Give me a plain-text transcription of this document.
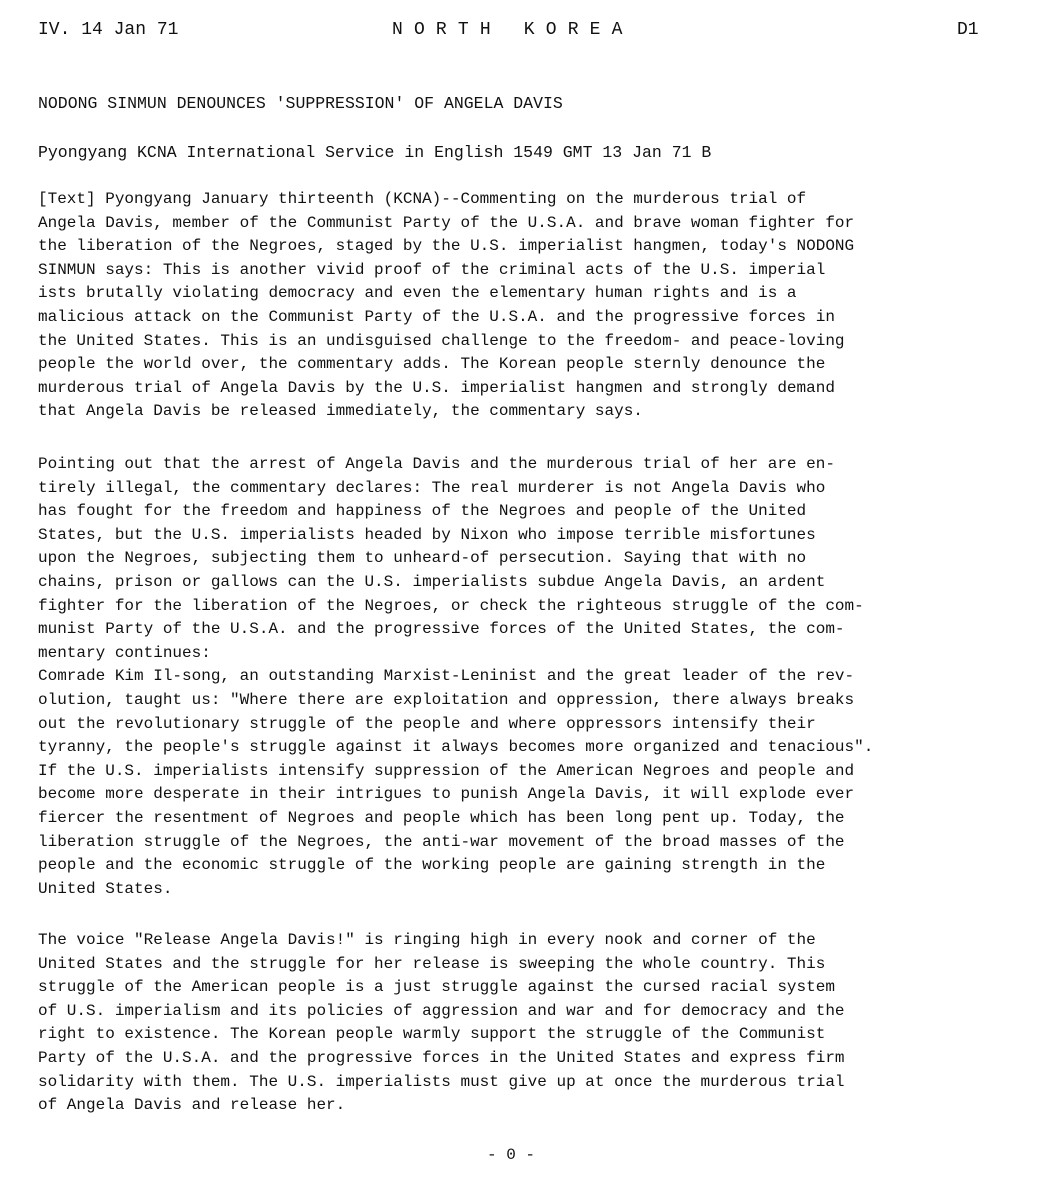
IV. 14 Jan 71	NORTH KOREA	D1
NODONG SINMUN DENOUNCES 'SUPPRESSION' OF ANGELA DAVIS
Pyongyang KCNA International Service in English 1549 GMT 13 Jan 71 B
[Text] Pyongyang January thirteenth (KCNA)--Commenting on the murderous trial of
Angela Davis, member of the Communist Party of the U.S.A. and brave woman fighter for
the liberation of the Negroes, staged by the U.S. imperialist hangmen, today's NODONG
SINMUN says: This is another vivid proof of the criminal acts of the U.S. imperial
ists brutally violating democracy and even the elementary human rights and is a
malicious attack on the Communist Party of the U.S.A. and the progressive forces in
the United States. This is an undisguised challenge to the freedom- and peace-loving
people the world over, the commentary adds. The Korean people sternly denounce the
murderous trial of Angela Davis by the U.S. imperialist hangmen and strongly demand
that Angela Davis be released immediately, the commentary says.
Pointing out that the arrest of Angela Davis and the murderous trial of her are en-
tirely illegal, the commentary declares: The real murderer is not Angela Davis who
has fought for the freedom and happiness of the Negroes and people of the United
States, but the U.S. imperialists headed by Nixon who impose terrible misfortunes
upon the Negroes, subjecting them to unheard-of persecution. Saying that with no
chains, prison or gallows can the U.S. imperialists subdue Angela Davis, an ardent
fighter for the liberation of the Negroes, or check the righteous struggle of the com-
munist Party of the U.S.A. and the progressive forces of the United States, the com-
mentary continues:
Comrade Kim Il-song, an outstanding Marxist-Leninist and the great leader of the rev-
olution, taught us: "Where there are exploitation and oppression, there always breaks
out the revolutionary struggle of the people and where oppressors intensify their
tyranny, the people's struggle against it always becomes more organized and tenacious".
If the U.S. imperialists intensify suppression of the American Negroes and people and
become more desperate in their intrigues to punish Angela Davis, it will explode ever
fiercer the resentment of Negroes and people which has been long pent up. Today, the
liberation struggle of the Negroes, the anti-war movement of the broad masses of the
people and the economic struggle of the working people are gaining strength in the
United States.
The voice "Release Angela Davis!" is ringing high in every nook and corner of the
United States and the struggle for her release is sweeping the whole country. This
struggle of the American people is a just struggle against the cursed racial system
of U.S. imperialism and its policies of aggression and war and for democracy and the
right to existence. The Korean people warmly support the struggle of the Communist
Party of the U.S.A. and the progressive forces in the United States and express firm
solidarity with them. The U.S. imperialists must give up at once the murderous trial
of Angela Davis and release her.
- 0 -
